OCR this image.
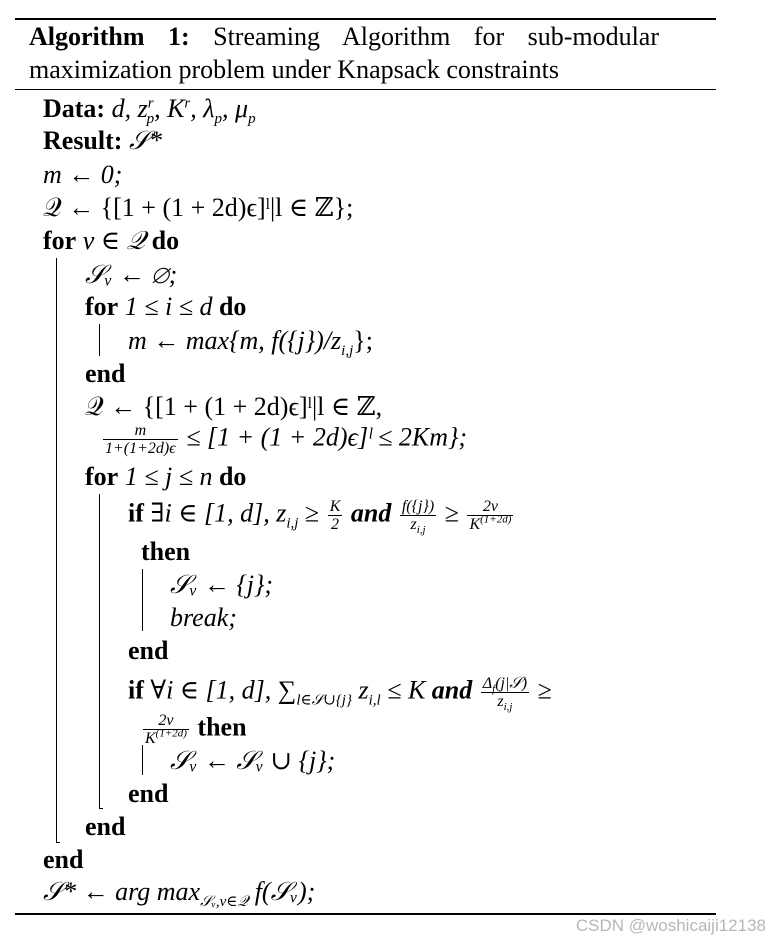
Algorithm 1: Streaming Algorithm for sub-modular maximization problem under Knapsack constraints
Data: d, $z^r_p$, $K^r$, $\lambda_p$, $\mu_p$
Result: 𝒮*
m ← 0;
𝒬 ← {[1 + (1 + 2d)ϵ]ˡ|l ∈ ℤ};
for v ∈ 𝒬 do
𝒮ᵥ ← ∅;
for 1 ≤ i ≤ d do
m ← max{m, $f(\{j\})/z_{i,j}$};
end
𝒬 ← {[1 + (1 + 2d)ϵ]ˡ|l ∈ ℤ,
$\frac{m}{1+(1+2d)\epsilon} \le [1 + (1$ + 2d)ϵ]ˡ ≤ 2Km};
for 1 ≤ j ≤ n do
if ∃i ∈ [1, d], $z_{i,j} \ge \frac{K}{2}$ and $\frac{f(\{j\})}{z_{i,j}} \ge \frac{2v}{K^{(1+2d)}}$
then
𝒮ᵥ ← {j};
break;
end
if ∀i ∈ [1, d], $\sum_{l\in 𝒮\cup\{j\}}$ $z_{i,l} \le K$ and $\frac{\Delta_f(j|𝒮)}{z_{i,j}}$ ≥
$\frac{2v}{K^{(1+2d)}}$ then
𝒮ᵥ ← 𝒮ᵥ ∪ {j};
end
end
end
𝒮* ← arg $\max_{𝒮ᵥ,v\in 𝒬}$ f(𝒮ᵥ);
CSDN @woshicaiji12138
